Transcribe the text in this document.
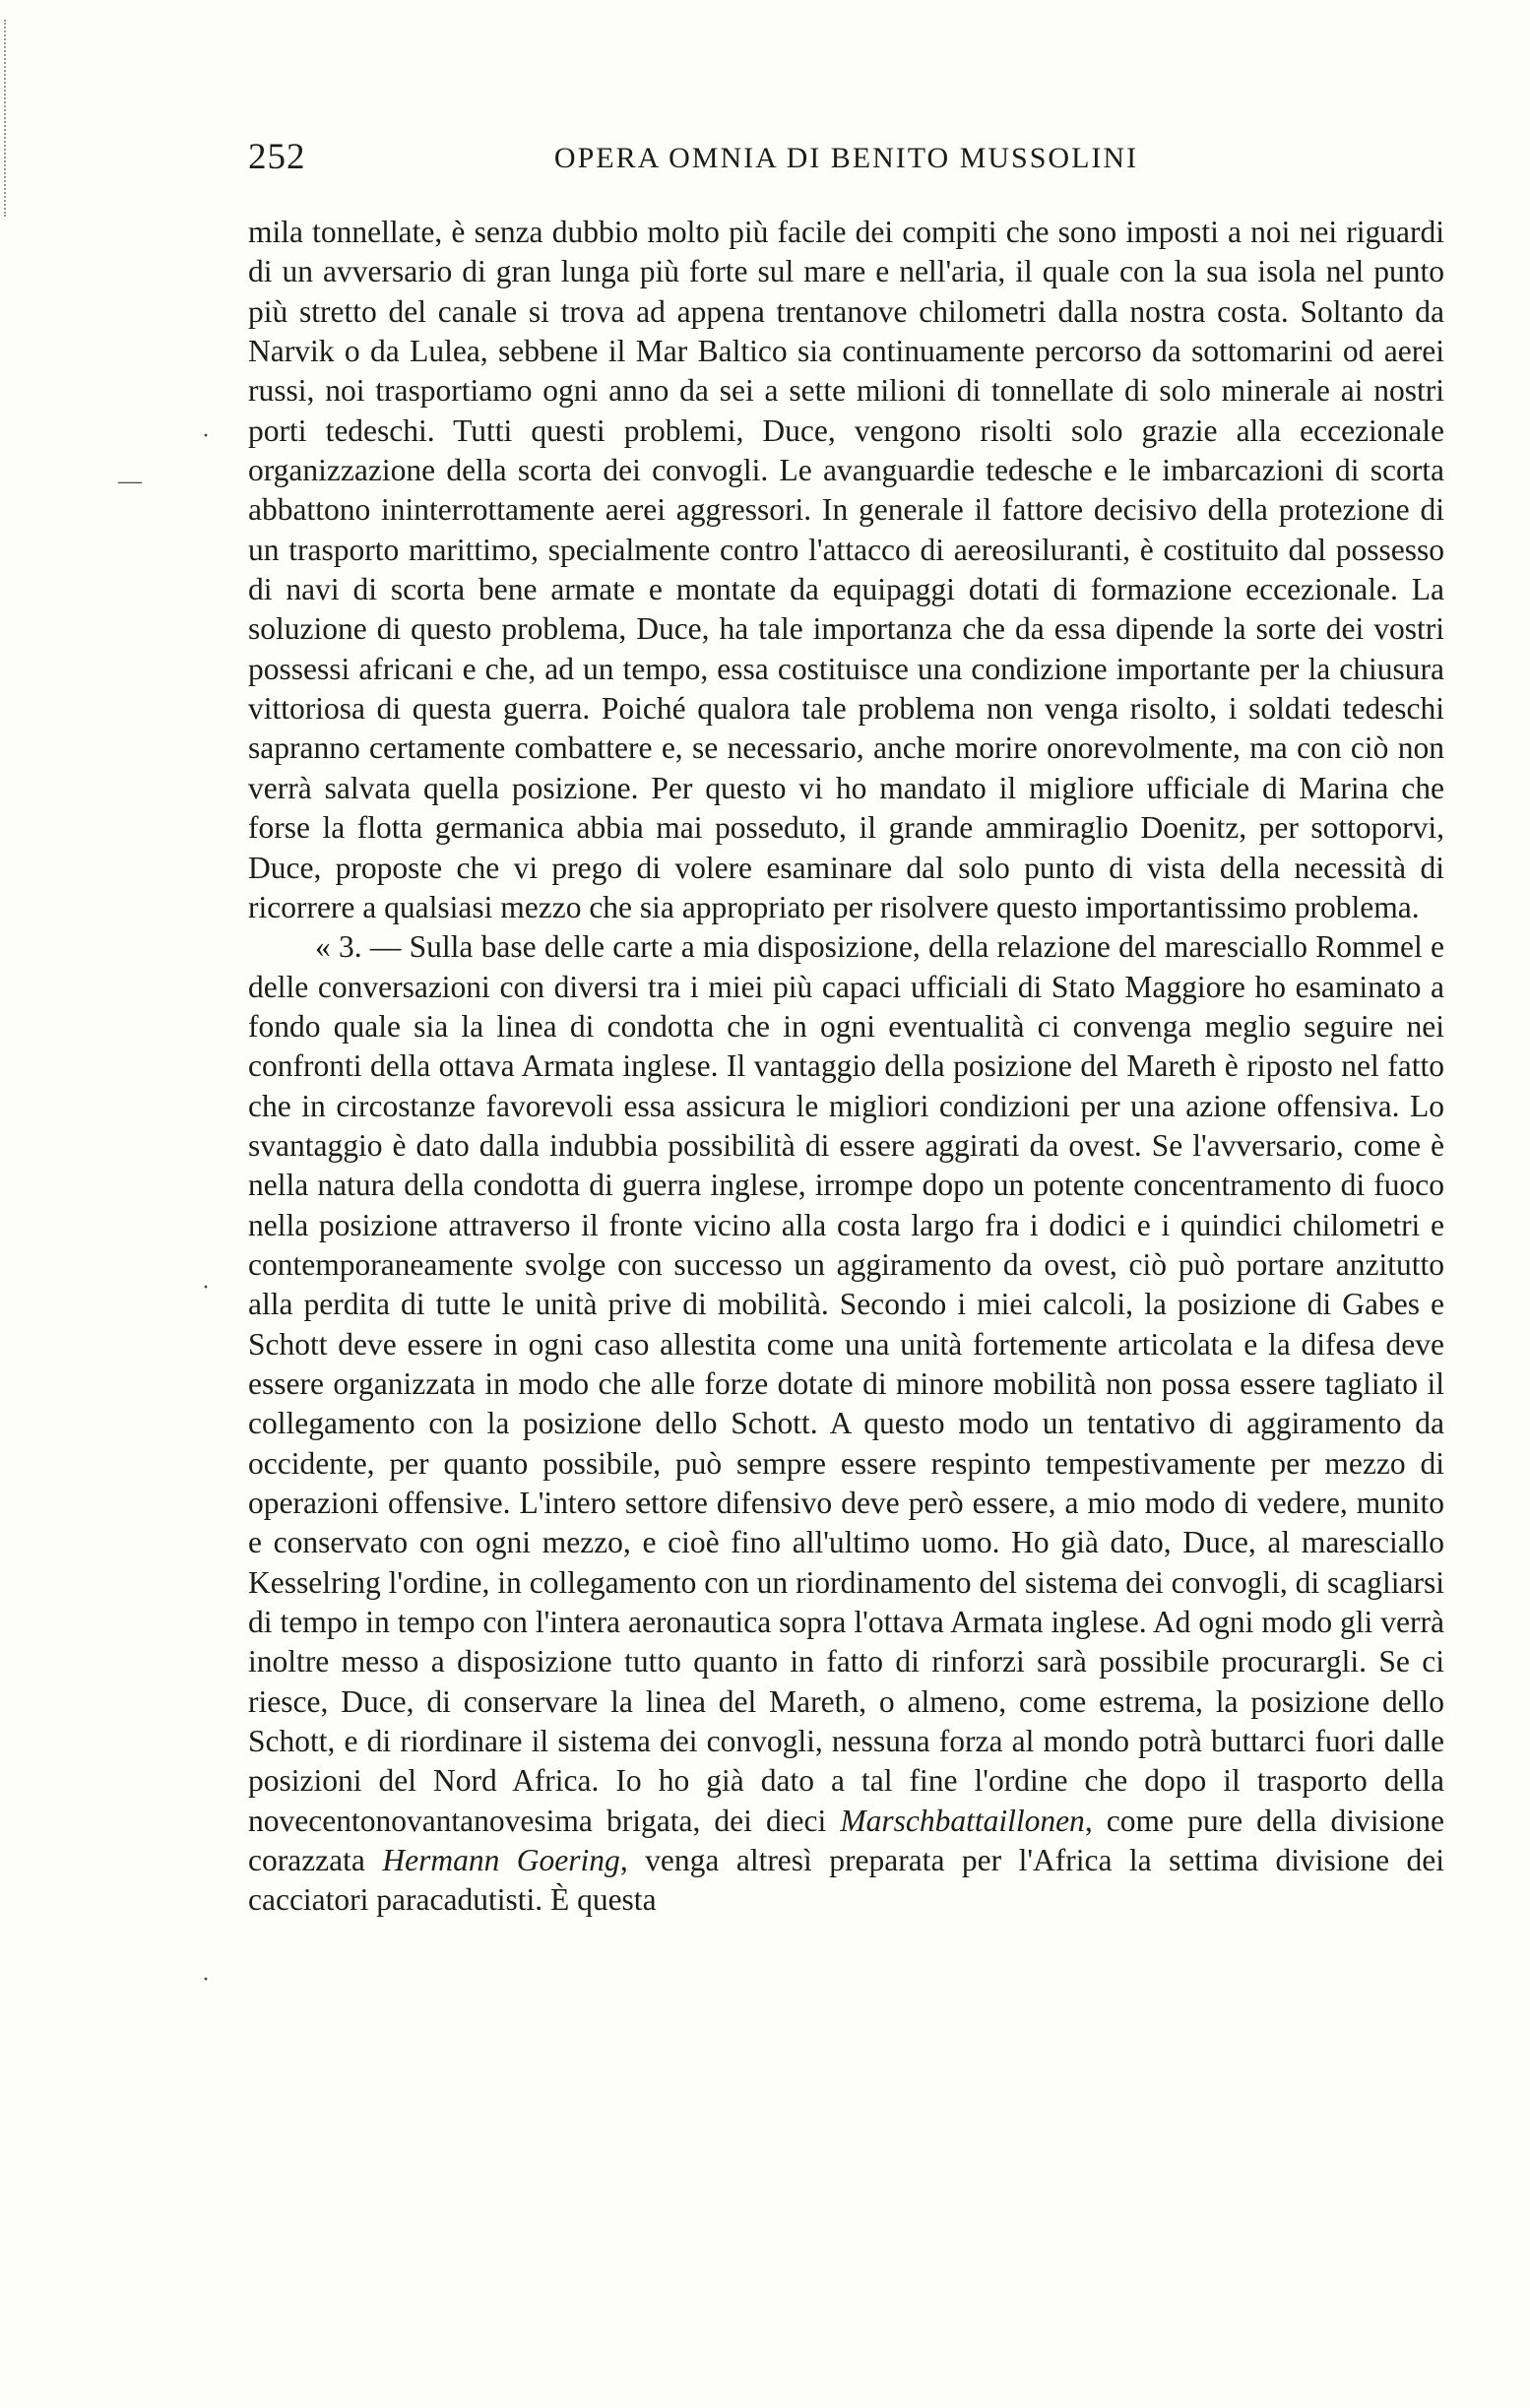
252	OPERA OMNIA DI BENITO MUSSOLINI
·
—
·
·

mila tonnellate, è senza dubbio molto più facile dei compiti che sono imposti a noi nei riguardi di un avversario di gran lunga più forte sul mare e nell'aria, il quale con la sua isola nel punto più stretto del canale si trova ad appena trentanove chilometri dalla nostra costa. Soltanto da Narvik o da Lulea, sebbene il Mar Baltico sia continuamente percorso da sottomarini od aerei russi, noi trasportiamo ogni anno da sei a sette milioni di tonnellate di solo minerale ai nostri porti tedeschi. Tutti questi problemi, Duce, vengono risolti solo grazie alla eccezionale organizzazione della scorta dei convogli. Le avanguardie tedesche e le imbarcazioni di scorta abbattono ininterrottamente aerei aggressori. In generale il fattore decisivo della protezione di un trasporto marittimo, specialmente contro l'attacco di aereosiluranti, è costituito dal possesso di navi di scorta bene armate e montate da equipaggi dotati di formazione eccezionale. La soluzione di questo problema, Duce, ha tale importanza che da essa dipende la sorte dei vostri possessi africani e che, ad un tempo, essa costituisce una condizione importante per la chiusura vittoriosa di questa guerra. Poiché qualora tale problema non venga risolto, i soldati tedeschi sapranno certamente combattere e, se necessario, anche morire onorevolmente, ma con ciò non verrà salvata quella posizione. Per questo vi ho mandato il migliore ufficiale di Marina che forse la flotta germanica abbia mai posseduto, il grande ammiraglio Doenitz, per sottoporvi, Duce, proposte che vi prego di volere esaminare dal solo punto di vista della necessità di ricorrere a qualsiasi mezzo che sia appropriato per risolvere questo importantissimo problema.

« 3. — Sulla base delle carte a mia disposizione, della relazione del maresciallo Rommel e delle conversazioni con diversi tra i miei più capaci ufficiali di Stato Maggiore ho esaminato a fondo quale sia la linea di condotta che in ogni eventualità ci convenga meglio seguire nei confronti della ottava Armata inglese. Il vantaggio della posizione del Mareth è riposto nel fatto che in circostanze favorevoli essa assicura le migliori condizioni per una azione offensiva. Lo svantaggio è dato dalla indubbia possibilità di essere aggirati da ovest. Se l'avversario, come è nella natura della condotta di guerra inglese, irrompe dopo un potente concentramento di fuoco nella posizione attraverso il fronte vicino alla costa largo fra i dodici e i quindici chilometri e contemporaneamente svolge con successo un aggiramento da ovest, ciò può portare anzitutto alla perdita di tutte le unità prive di mobilità. Secondo i miei calcoli, la posizione di Gabes e Schott deve essere in ogni caso allestita come una unità fortemente articolata e la difesa deve essere organizzata in modo che alle forze dotate di minore mobilità non possa essere tagliato il collegamento con la posizione dello Schott. A questo modo un tentativo di aggiramento da occidente, per quanto possibile, può sempre essere respinto tempestivamente per mezzo di operazioni offensive. L'intero settore difensivo deve però essere, a mio modo di vedere, munito e conservato con ogni mezzo, e cioè fino all'ultimo uomo. Ho già dato, Duce, al maresciallo Kesselring l'ordine, in collegamento con un riordinamento del sistema dei convogli, di scagliarsi di tempo in tempo con l'intera aeronautica sopra l'ottava Armata inglese. Ad ogni modo gli verrà inoltre messo a disposizione tutto quanto in fatto di rinforzi sarà possibile procurargli. Se ci riesce, Duce, di conservare la linea del Mareth, o almeno, come estrema, la posizione dello Schott, e di riordinare il sistema dei convogli, nessuna forza al mondo potrà buttarci fuori dalle posizioni del Nord Africa. Io ho già dato a tal fine l'ordine che dopo il trasporto della novecentonovantanovesima brigata, dei dieci Marschbattaillonen, come pure della divisione corazzata Hermann Goering, venga altresì preparata per l'Africa la settima divisione dei cacciatori paracadutisti. È questa
